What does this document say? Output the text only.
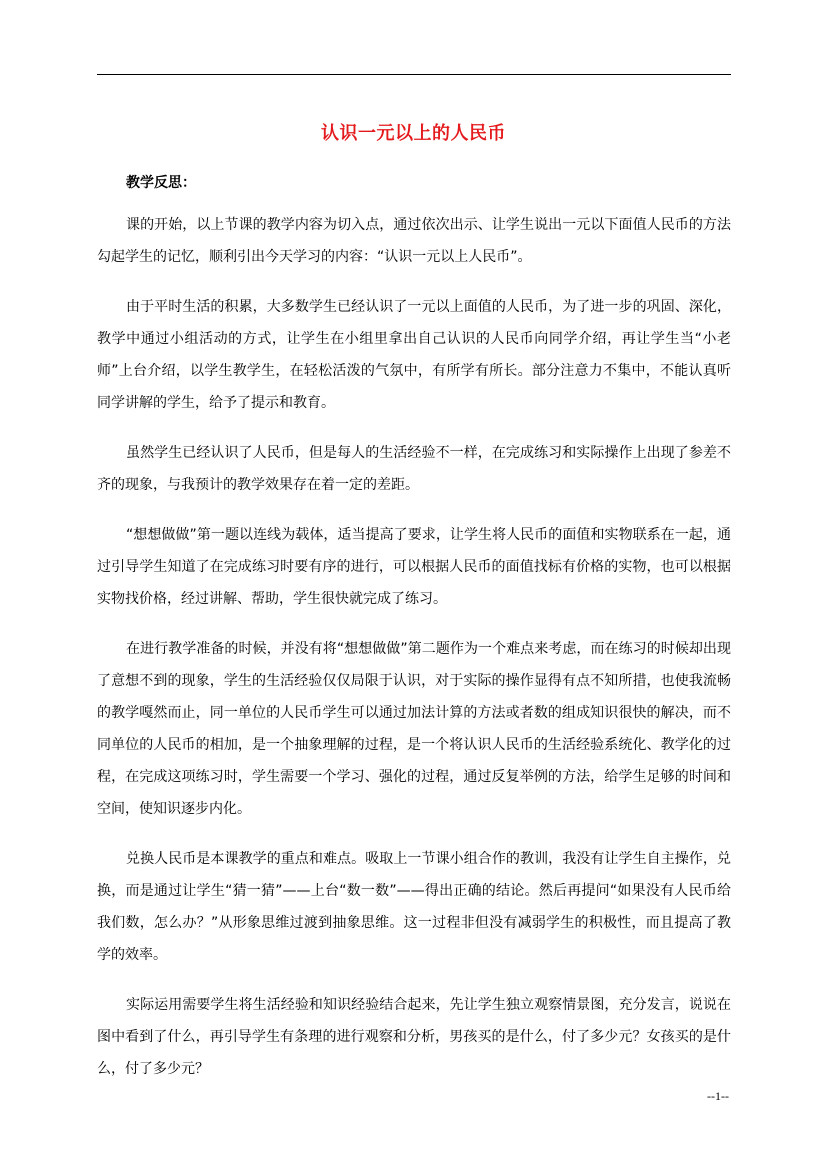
认识一元以上的人民币
教学反思：

课的开始，以上节课的教学内容为切入点，通过依次出示、让学生说出一元以下面值人民币的方法勾起学生的记忆，顺利引出今天学习的内容：“认识一元以上人民币”。

由于平时生活的积累，大多数学生已经认识了一元以上面值的人民币，为了进一步的巩固、深化，教学中通过小组活动的方式，让学生在小组里拿出自己认识的人民币向同学介绍，再让学生当“小老师”上台介绍，以学生教学生，在轻松活泼的气氛中，有所学有所长。部分注意力不集中，不能认真听同学讲解的学生，给予了提示和教育。

虽然学生已经认识了人民币，但是每人的生活经验不一样，在完成练习和实际操作上出现了参差不齐的现象，与我预计的教学效果存在着一定的差距。

“想想做做”第一题以连线为载体，适当提高了要求，让学生将人民币的面值和实物联系在一起，通过引导学生知道了在完成练习时要有序的进行，可以根据人民币的面值找标有价格的实物，也可以根据实物找价格，经过讲解、帮助，学生很快就完成了练习。

在进行教学准备的时候，并没有将“想想做做”第二题作为一个难点来考虑，而在练习的时候却出现了意想不到的现象，学生的生活经验仅仅局限于认识，对于实际的操作显得有点不知所措，也使我流畅的教学嘎然而止，同一单位的人民币学生可以通过加法计算的方法或者数的组成知识很快的解决，而不同单位的人民币的相加，是一个抽象理解的过程，是一个将认识人民币的生活经验系统化、教学化的过程，在完成这项练习时，学生需要一个学习、强化的过程，通过反复举例的方法，给学生足够的时间和空间，使知识逐步内化。

兑换人民币是本课教学的重点和难点。吸取上一节课小组合作的教训，我没有让学生自主操作，兑换，而是通过让学生“猜一猜”——上台“数一数”——得出正确的结论。然后再提问“如果没有人民币给我们数，怎么办？”从形象思维过渡到抽象思维。这一过程非但没有减弱学生的积极性，而且提高了教学的效率。

实际运用需要学生将生活经验和知识经验结合起来，先让学生独立观察情景图，充分发言，说说在图中看到了什么，再引导学生有条理的进行观察和分析，男孩买的是什么，付了多少元？女孩买的是什么，付了多少元？

--1--
